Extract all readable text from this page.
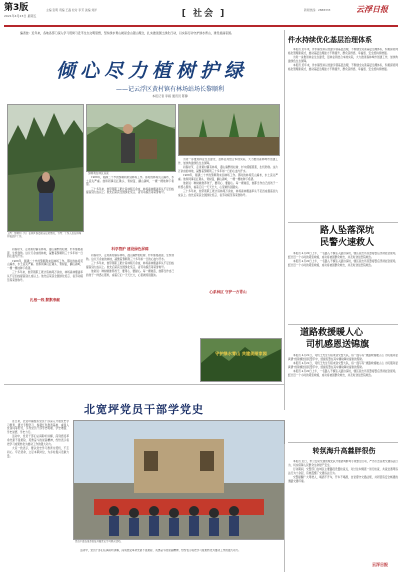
第3版
2021年4月23日 星期五
主编 张明 责编 王磊 校对 李芳 美编 刘洋	[ 社会 ]	新闻热线：2888333	云浮日报
编者按：近年来，各地各部门深入学习贯彻习近平生态文明思想，坚持绿水青山就是金山银山理念，扎实推进国土绿化行动，以实际行动守护绿水青山，建设美丽家园。
倾心尽力植树护绿
——记云浮区黄村镇有林场站场长黎顺利
本报记者 李娟 通讯员 陈静
上图：黎顺利（左）在林区察看树苗长势情况。下图：工作人员在林场开展巡护工作。

初春时节，走进黄村镇有林场，漫山遍野的松树、杉木郁郁葱葱，生机勃勃。这片万余亩的林地，凝聚着黎顺利三十多年如一日的心血与汗水。

1988年，刚满二十岁的黎顺利来到林场工作。那时的林场荒山遍布，水土流失严重。他和同事们扛锄头、背树苗，翻山越岭，一棵一棵地种下希望。

三十多年来，他带领职工累计造林两万余亩，林场森林覆盖率从不足四成提高到九成以上。他先后荣获全国绿化奖章、省劳动模范等荣誉称号。

扎根一线 默默奉献
黎顺利在林区巡查

1988年，刚满二十岁的黎顺利来到林场工作。那时的林场荒山遍布，水土流失严重。他和同事们扛锄头、背树苗，翻山越岭，一棵一棵地种下希望。

三十多年来，他带领职工累计造林两万余亩，林场森林覆盖率从不足四成提高到九成以上。他先后荣获全国绿化奖章、省劳动模范等荣誉称号。

科学管护 建设绿色屏障

初春时节，走进黄村镇有林场，漫山遍野的松树、杉木郁郁葱葱，生机勃勃。这片万余亩的林地，凝聚着黎顺利三十多年如一日的心血与汗水。

三十多年来，他带领职工累计造林两万余亩，林场森林覆盖率从不足四成提高到九成以上。他先后荣获全国绿化奖章、省劳动模范等荣誉称号。

他常说：种树就像养孩子，要用心、要耐心。每一棵树苗，他都当作自己的孩子一样悉心照料，看着它们一天天长大，心里就特别踏实。

为进一步推进林业生态建设，县林业局结合本地实际，大力推进森林城市创建工作，加快构建绿色生态屏障。

初春时节，走进黄村镇有林场，漫山遍野的松树、杉木郁郁葱葱，生机勃勃。这片万余亩的林地，凝聚着黎顺利三十多年如一日的心血与汗水。

1988年，刚满二十岁的黎顺利来到林场工作。那时的林场荒山遍布，水土流失严重。他和同事们扛锄头、背树苗，翻山越岭，一棵一棵地种下希望。

他常说：种树就像养孩子，要用心、要耐心。每一棵树苗，他都当作自己的孩子一样悉心照料，看着它们一天天长大，心里就特别踏实。

三十多年来，他带领职工累计造林两万余亩，林场森林覆盖率从不足四成提高到九成以上。他先后荣获全国绿化奖章、省劳动模范等荣誉称号。

心系林区 守护一方青山
守护绿水青山 共建美丽家园
件水持续优化基层治理体系

本报讯 近年来，件水镇坚持以党建引领基层治理，不断健全完善基层治理体系，积极探索网格化管理新模式，推动基层治理能力不断提升，群众获得感、幸福感、安全感持续增强。

为进一步推进林业生态建设，县林业局结合本地实际，大力推进森林城市创建工作，加快构建绿色生态屏障。

本报讯 近年来，件水镇坚持以党建引领基层治理，不断健全完善基层治理体系，积极探索网格化管理新模式，推动基层治理能力不断提升，群众获得感、幸福感、安全感持续增强。

路人坠落深坑
民警火速救人

本报讯 4月20日上午，一名路人不慎坠入路边深坑，辖区派出所民警接警后迅速赶赴现场，经过近一个小时的紧张救援，成功将被困群众救出，并及时送往医院救治。

本报讯 4月20日上午，一名路人不慎坠入路边深坑，辖区派出所民警接警后迅速赶赴现场，经过近一个小时的紧张救援，成功将被困群众救出，并及时送往医院救治。

道路救援暖人心
司机感恩送锦旗

本报讯 4月22日，司机王先生专程来到交警大队，将一面写有“道路救援暖人心 为民服务显真情”的锦旗送到民警手中，感谢民警在其车辆故障时提供的帮助。

本报讯 4月22日，司机王先生专程来到交警大队，将一面写有“道路救援暖人心 为民服务显真情”的锦旗送到民警手中，感谢民警在其车辆故障时提供的帮助。

本报讯 4月20日上午，一名路人不慎坠入路边深坑，辖区派出所民警接警后迅速赶赴现场，经过近一个小时的紧张救援，成功将被困群众救出，并及时送往医院救治。

北宽坪党员干部学党史

连日来，北宽坪镇组织党员干部深入开展党史学习教育，通过专题学习、参观红色教育基地、重温入党誓词等形式，引导党员干部学史明理、学史增信、学史崇德、学史力行。

活动中，党员干部们认真聆听讲解，深刻感受革命先辈不畏艰险、英勇奋斗的崇高精神，纷纷表示将把学习成果转化为推动工作的强大动力。

大家一致表示，要以党史学习教育为契机，不忘初心、牢记使命，立足本职岗位，为乡村振兴贡献力量。

党员干部在革命旧址开展党史学习教育活动。

活动中，党员干部们认真聆听讲解，深刻感受革命先辈不畏艰险、英勇奋斗的崇高精神，纷纷表示将把学习成果转化为推动工作的强大动力。

转氛海升高㵘胖很伤

本报讯 近日，市公安局交通管理支队开展酒驾醉驾专项整治行动，严厉打击各类交通违法行为，切实保障人民群众生命财产安全。

行动期间，交警部门在城区主要路段设置检查点，对过往车辆逐一进行检查，共查处酒驾违法行为十余起，有效震慑了交通违法行为。

交警提醒广大驾驶人，喝酒不开车，开车不喝酒，自觉遵守交通法规，共同营造安全畅通的道路交通环境。

云浮日报
